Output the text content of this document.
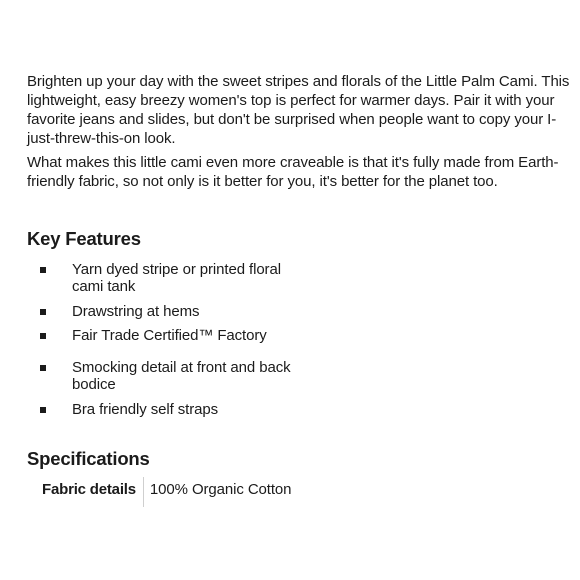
Brighten up your day with the sweet stripes and florals of the Little Palm Cami. This lightweight, easy breezy women's top is perfect for warmer days. Pair it with your favorite jeans and slides, but don't be surprised when people want to copy your I-just-threw-this-on look.

What makes this little cami even more craveable is that it's fully made from Earth-friendly fabric, so not only is it better for you, it's better for the planet too.

Key Features
Yarn dyed stripe or printed floral cami tank
Drawstring at hems
Fair Trade Certified™ Factory
Smocking detail at front and back bodice
Bra friendly self straps
Specifications
Fabric details 100% Organic Cotton
